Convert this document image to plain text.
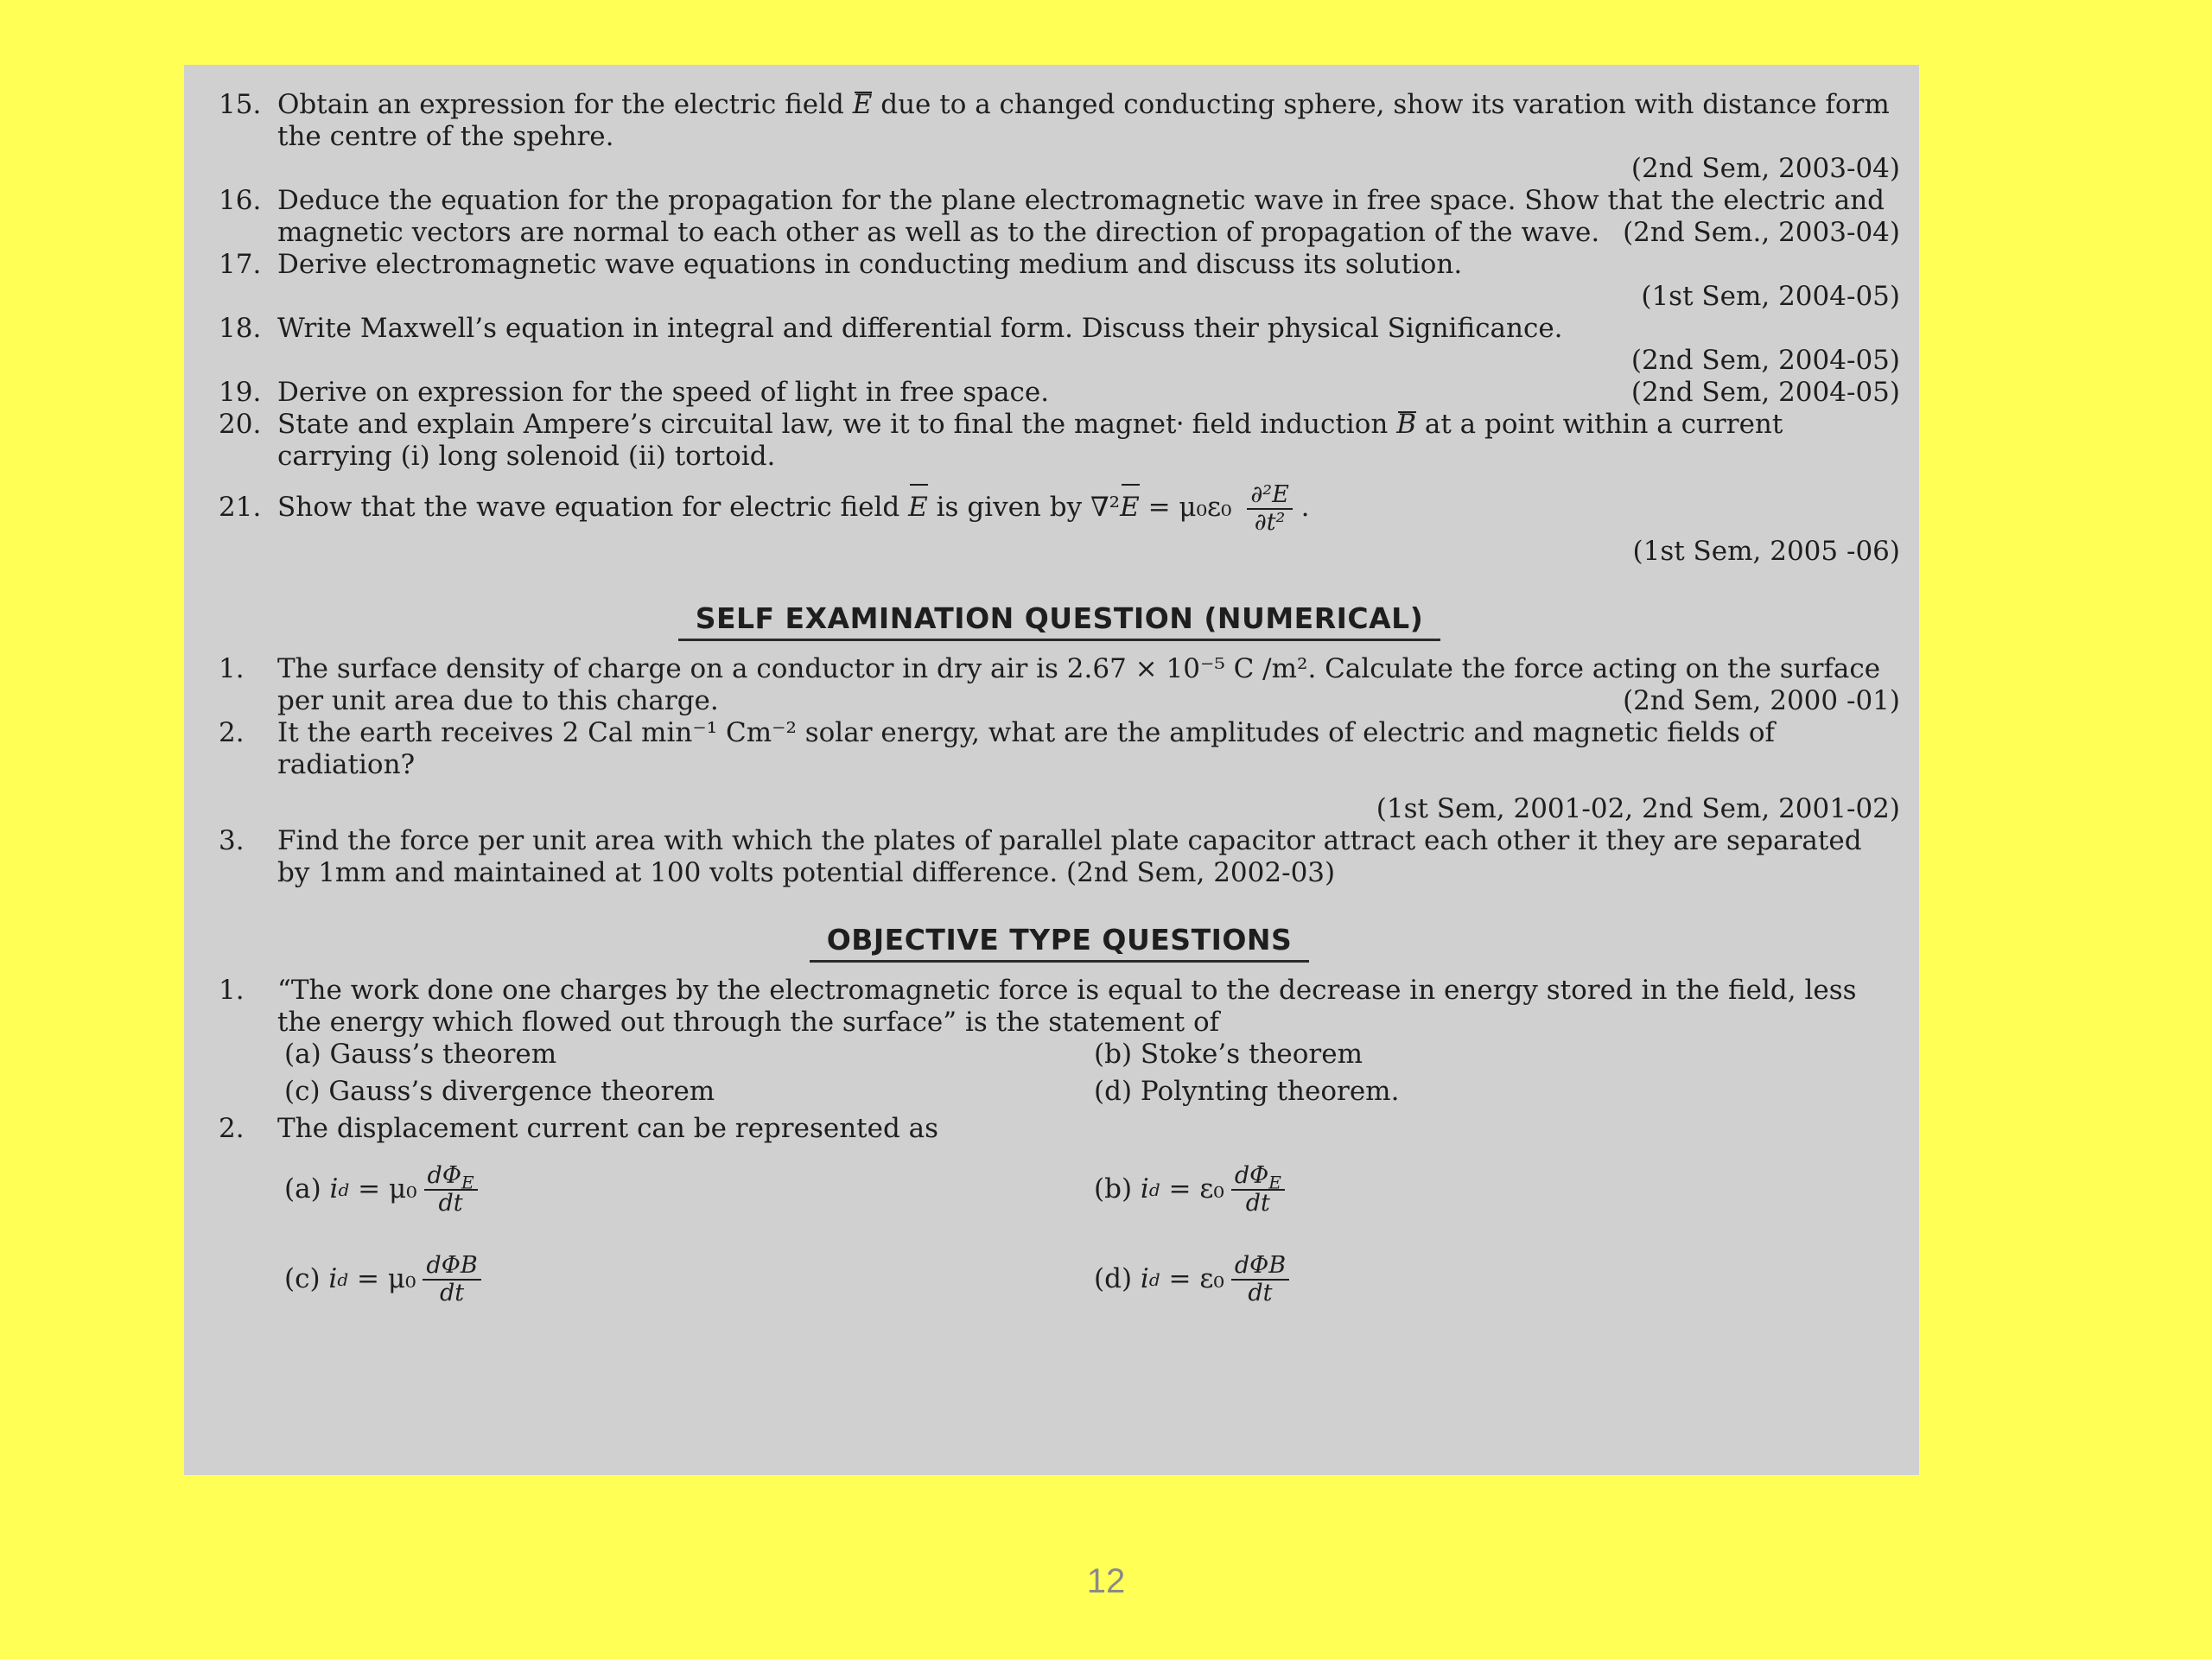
15. Obtain an expression for the electric field E due to a changed conducting sphere, show its varation with distance form the centre of the spehre.
(2nd Sem, 2003-04)
16. Deduce the equation for the propagation for the plane electromagnetic wave in free space. Show that the electric and magnetic vectors are normal to each other as well as to the direction of propagation of the wave. (2nd Sem., 2003-04)
17. Derive electromagnetic wave equations in conducting medium and discuss its solution.
(1st Sem, 2004-05)
18. Write Maxwell’s equation in integral and differential form. Discuss their physical Significance.
(2nd Sem, 2004-05)
19. Derive on expression for the speed of light in free space.	(2nd Sem, 2004-05)
20. State and explain Ampere’s circuital law, we it to final the magnet⸱ field induction B at a point within a current carrying (i) long solenoid (ii) tortoid.
21. Show that the wave equation for electric field E is given by $\nabla^2E = \mu_0\varepsilon_0 \frac{\text{∂²E}}{\text{∂t²}}$ .
(1st Sem, 2005 -06)
SELF EXAMINATION QUESTION (NUMERICAL)
1. The surface density of charge on a conductor in dry air is 2.67 × 10⁻⁵ C /m². Calculate the force acting on the surface per unit area due to this charge.	(2nd Sem, 2000 -01)
2. It the earth receives 2 Cal min⁻¹ Cm⁻² solar energy, what are the amplitudes of electric and magnetic fields of radiation?
(1st Sem, 2001-02, 2nd Sem, 2001-02)
3. Find the force per unit area with which the plates of parallel plate capacitor attract each other it they are separated by 1mm and maintained at 100 volts potential difference. (2nd Sem, 2002-03)
OBJECTIVE TYPE QUESTIONS
1. “The work done one charges by the electromagnetic force is equal to the decrease in energy stored in the field, less the energy which flowed out through the surface” is the statement of
(a) Gauss’s theorem	(b) Stoke’s theorem
(c) Gauss’s divergence theorem	(d) Polynting theorem.
2. The displacement current can be represented as
(a)
i d
= $\mu_0 \frac{d\Phi_E}{dt}$	(b)
i d
= $\varepsilon_0 \frac{d\Phi_E}{dt}$
(c)
i d
= $\mu_0 \frac{\text{dΦB}}{dt}$	(d)
i d
= $\varepsilon_0 \frac{\text{dΦB}}{dt}$
12
